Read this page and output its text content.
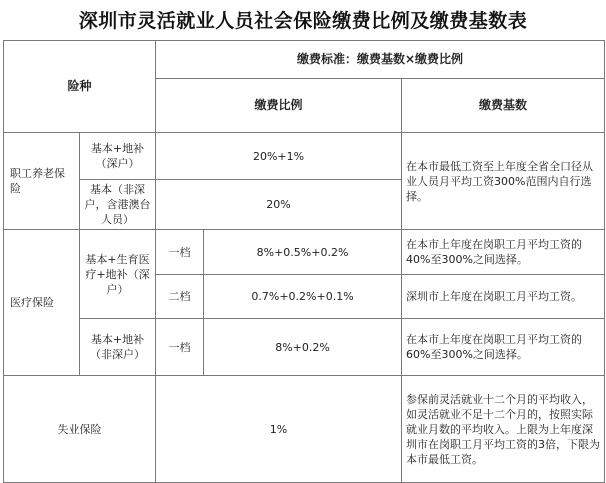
深圳市灵活就业人员社会保险缴费比例及缴费基数表
险种		缴费标准：缴费基数×缴费比例		
		缴费比例		缴费基数
职工养老保险	基本+地补（深户）	20%+1%		在本市最低工资至上年度全省全口径从业人员月平均工资300%范围内自行选择。
	基本（非深户，含港澳台人员）	20%		
医疗保险	基本+生育医疗+地补（深户）	一档	8%+0.5%+0.2%	在本市上年度在岗职工月平均工资的40%至300%之间选择。
		二档	0.7%+0.2%+0.1%	深圳市上年度在岗职工月平均工资。
	基本+地补（非深户）	一档	8%+0.2%	在本市上年度在岗职工月平均工资的60%至300%之间选择。
失业保险		1%		参保前灵活就业十二个月的平均收入，如灵活就业不足十二个月的，按照实际就业月数的平均收入。上限为上年度深圳市在岗职工月平均工资的3倍，下限为本市最低工资。
